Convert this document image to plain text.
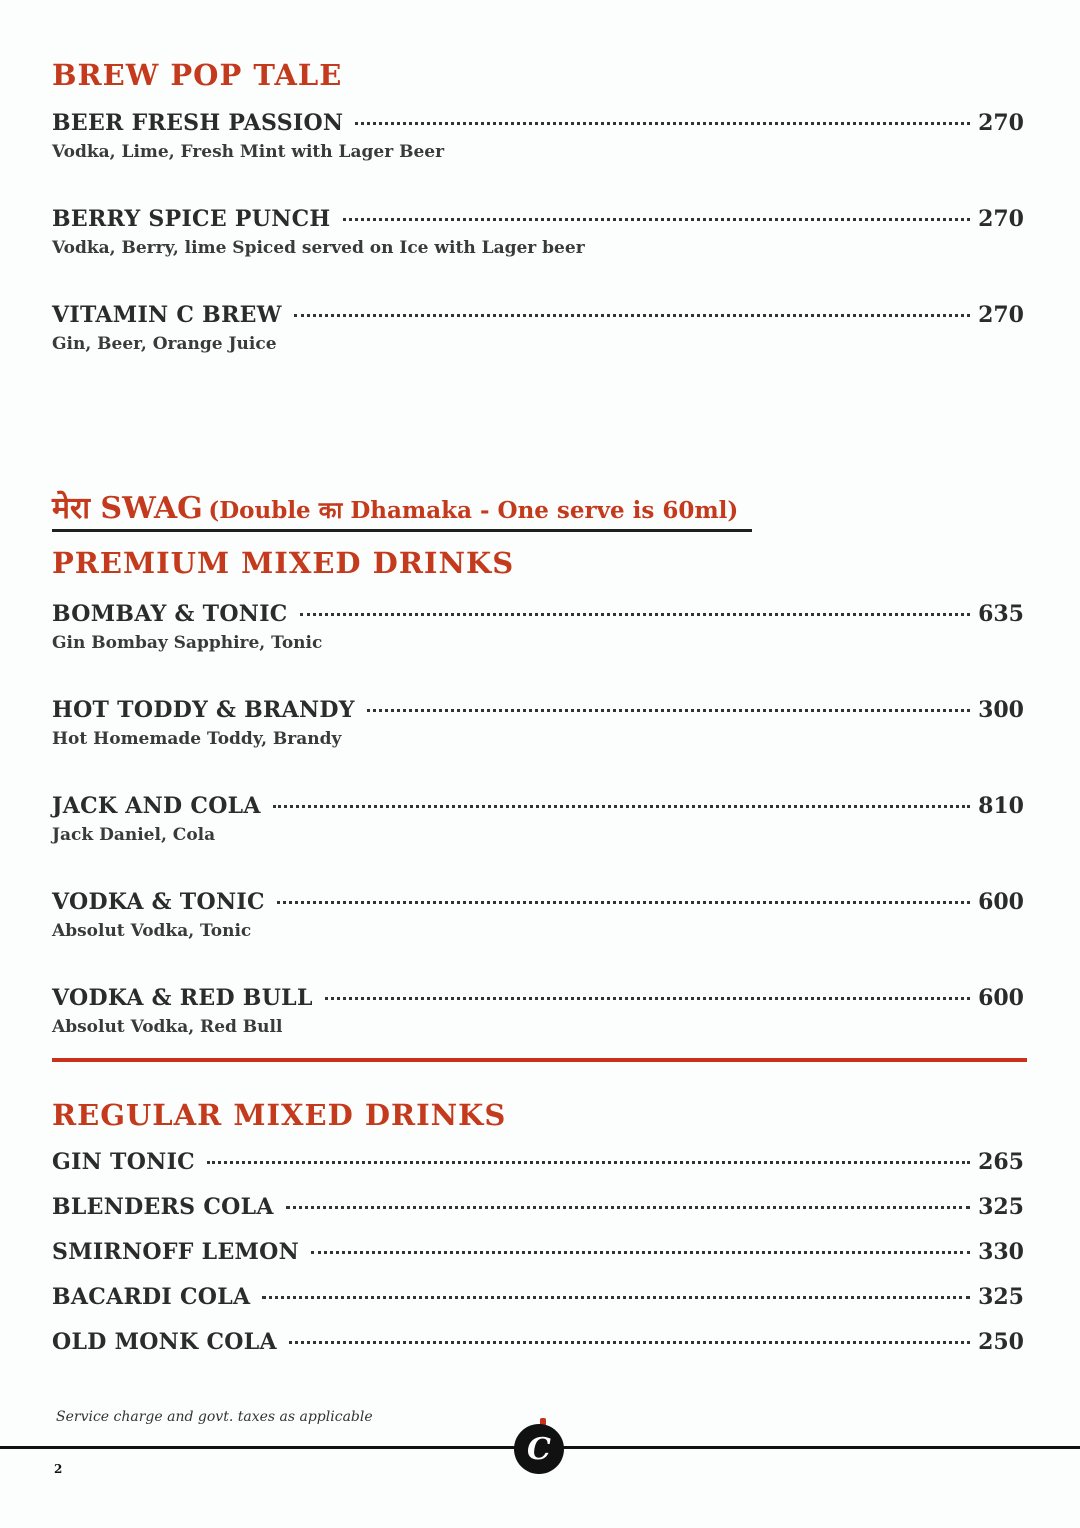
BREW POP TALE
BEER FRESH PASSION	270
Vodka, Lime, Fresh Mint with Lager Beer
BERRY SPICE PUNCH	270
Vodka, Berry, lime Spiced served on Ice with Lager beer
VITAMIN C BREW	270
Gin, Beer, Orange Juice
मेरा SWAG (Double का Dhamaka - One serve is 60ml)
PREMIUM MIXED DRINKS
BOMBAY & TONIC	635
Gin Bombay Sapphire, Tonic
HOT TODDY & BRANDY	300
Hot Homemade Toddy, Brandy
JACK AND COLA	810
Jack Daniel, Cola
VODKA & TONIC	600
Absolut Vodka, Tonic
VODKA & RED BULL	600
Absolut Vodka, Red Bull
REGULAR MIXED DRINKS
GIN TONIC	265
BLENDERS COLA	325
SMIRNOFF LEMON	330
BACARDI COLA	325
OLD MONK COLA	250
Service charge and govt. taxes as applicable
C
2
